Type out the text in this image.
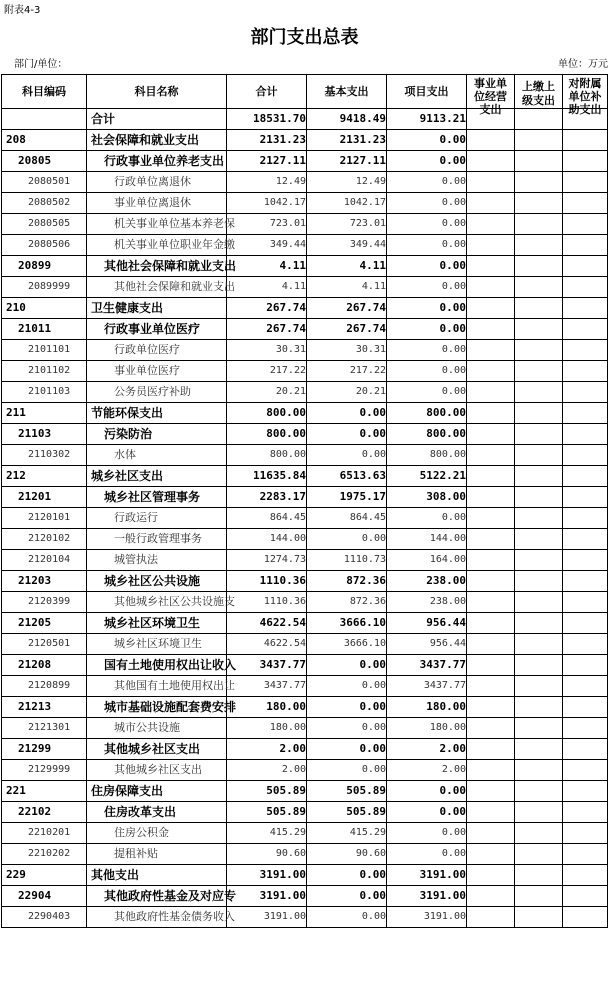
附表4-3
部门支出总表
部门/单位：	单位：万元
科目编码	科目名称	合计	基本支出	项目支出	事业单位经营支出	上缴上级支出	对附属单位补助支出

	合计	18531.70	9418.49	9113.21			
208	社会保障和就业支出	2131.23	2131.23	0.00			
20805	行政事业单位养老支出	2127.11	2127.11	0.00			
2080501	行政单位离退休	12.49	12.49	0.00			
2080502	事业单位离退休	1042.17	1042.17	0.00			
2080505	机关事业单位基本养老保	723.01	723.01	0.00			
2080506	机关事业单位职业年金缴	349.44	349.44	0.00			
20899	其他社会保障和就业支出	4.11	4.11	0.00			
2089999	其他社会保障和就业支出	4.11	4.11	0.00			
210	卫生健康支出	267.74	267.74	0.00			
21011	行政事业单位医疗	267.74	267.74	0.00			
2101101	行政单位医疗	30.31	30.31	0.00			
2101102	事业单位医疗	217.22	217.22	0.00			
2101103	公务员医疗补助	20.21	20.21	0.00			
211	节能环保支出	800.00	0.00	800.00			
21103	污染防治	800.00	0.00	800.00			
2110302	水体	800.00	0.00	800.00			
212	城乡社区支出	11635.84	6513.63	5122.21			
21201	城乡社区管理事务	2283.17	1975.17	308.00			
2120101	行政运行	864.45	864.45	0.00			
2120102	一般行政管理事务	144.00	0.00	144.00			
2120104	城管执法	1274.73	1110.73	164.00			
21203	城乡社区公共设施	1110.36	872.36	238.00			
2120399	其他城乡社区公共设施支	1110.36	872.36	238.00			
21205	城乡社区环境卫生	4622.54	3666.10	956.44			
2120501	城乡社区环境卫生	4622.54	3666.10	956.44			
21208	国有土地使用权出让收入	3437.77	0.00	3437.77			
2120899	其他国有土地使用权出让	3437.77	0.00	3437.77			
21213	城市基础设施配套费安排	180.00	0.00	180.00			
2121301	城市公共设施	180.00	0.00	180.00			
21299	其他城乡社区支出	2.00	0.00	2.00			
2129999	其他城乡社区支出	2.00	0.00	2.00			
221	住房保障支出	505.89	505.89	0.00			
22102	住房改革支出	505.89	505.89	0.00			
2210201	住房公积金	415.29	415.29	0.00			
2210202	提租补贴	90.60	90.60	0.00			
229	其他支出	3191.00	0.00	3191.00			
22904	其他政府性基金及对应专	3191.00	0.00	3191.00			
2290403	其他政府性基金债务收入	3191.00	0.00	3191.00			
